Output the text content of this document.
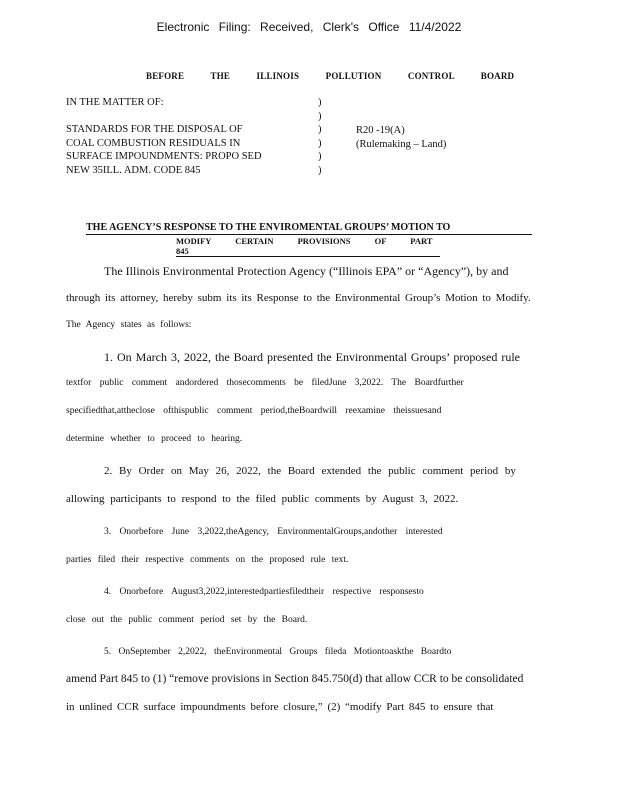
Electronic Filing: Received, Clerk's Office 11/4/2022
BEFORE THE ILLINOIS POLLUTION CONTROL BOARD
IN THE MATTER OF:
STANDARDS FOR THE DISPOSAL OF
COAL COMBUSTION RESIDUALS IN
SURFACE IMPOUNDMENTS: PROPO SED
NEW 35ILL. ADM. CODE 845
)
)
)
)
)
)
R20 -19(A)
(Rulemaking – Land)
THE AGENCY’S RESPONSE TO THE ENVIROMENTAL GROUPS’ MOTION TO
MODIFY CERTAIN PROVISIONS OF PART 845
The Illinois Environmental Protection Agency (“Illinois EPA” or “Agency”), by and
through its attorney, hereby subm its its Response to the Environmental Group’s Motion to Modify.
The Agency states as follows:
1. On March 3, 2022, the Board presented the Environmental Groups’ proposed rule
textfor public comment andordered thosecomments be filedJune 3,2022. The Boardfurther
specifiedthat,attheclose ofthispublic comment period,theBoardwill reexamine theissuesand
determine whether to proceed to hearing.
2. By Order on May 26, 2022, the Board extended the public comment period by
allowing participants to respond to the filed public comments by August 3, 2022.
3. Onorbefore June 3,2022,theAgency, EnvironmentalGroups,andother interested
parties filed their respective comments on the proposed rule text.
4. Onorbefore August3,2022,interestedpartiesfiledtheir respective responsesto
close out the public comment period set by the Board.
5. OnSeptember 2,2022, theEnvironmental Groups fileda Motiontoaskthe Boardto
amend Part 845 to (1) “remove provisions in Section 845.750(d) that allow CCR to be consolidated
in unlined CCR surface impoundments before closure,” (2) “modify Part 845 to ensure that
